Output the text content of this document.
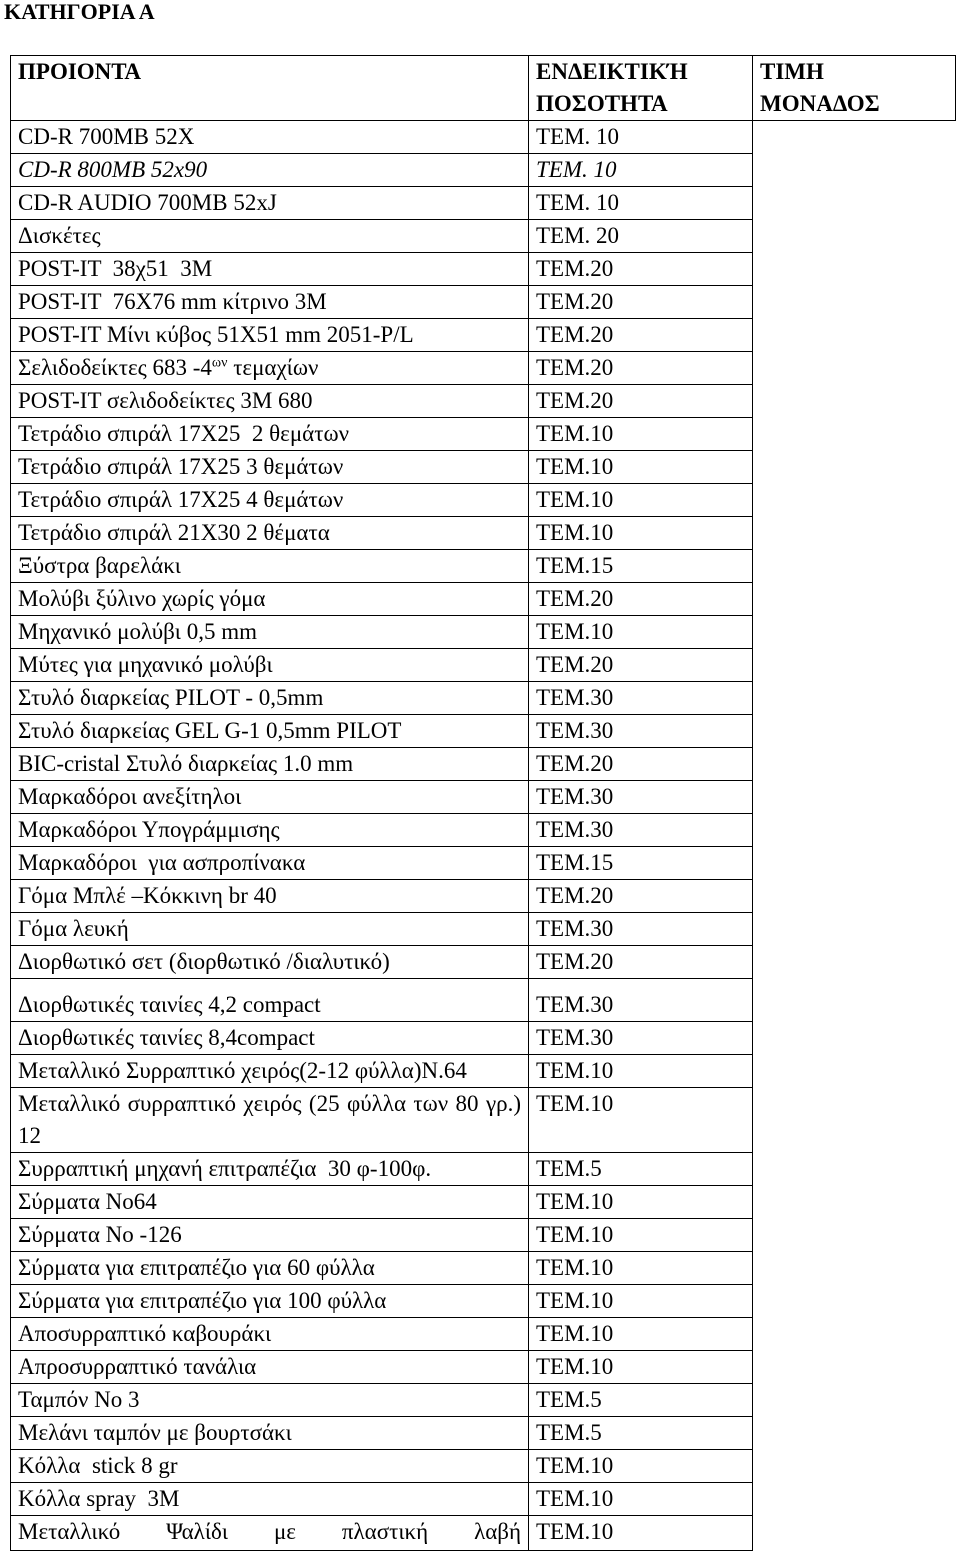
ΚΑΤΗΓΟΡΙΑ Α
ΠΡΟΙΟΝΤΑ	ΕΝΔΕΙΚΤΙΚΉ ΠΟΣΟΤΗΤΑ	ΤΙΜΗ ΜΟΝΑΔΟΣ
CD-R 700MB 52X	ΤΕΜ. 10	
CD-R 800MB 52x90	ΤΕΜ. 10	
CD-R AUDIO 700MB 52xJ	ΤΕΜ. 10	
Δισκέτες	ΤΕΜ. 20	
POST-IT  38χ51  3M	ΤΕΜ.20	
POST-IT  76X76 mm κίτρινο 3M	ΤΕΜ.20	
POST-IT Μίνι κύβος 51X51 mm 2051-P/L	ΤΕΜ.20	
Σελιδοδείκτες 683 $-4^{\omega\nu}$ τεμαχίων	ΤΕΜ.20	
POST-IT σελιδοδείκτες 3M 680	ΤΕΜ.20	
Τετράδιο σπιράλ 17X25  2 θεμάτων	ΤΕΜ.10	
Τετράδιο σπιράλ 17X25 3 θεμάτων	ΤΕΜ.10	
Τετράδιο σπιράλ 17X25 4 θεμάτων	ΤΕΜ.10	
Τετράδιο σπιράλ 21X30 2 θέματα	ΤΕΜ.10	
Ξύστρα βαρελάκι	ΤΕΜ.15	
Μολύβι ξύλινο χωρίς γόμα	ΤΕΜ.20	
Μηχανικό μολύβι 0,5 mm	ΤΕΜ.10	
Μύτες για μηχανικό μολύβι	ΤΕΜ.20	
Στυλό διαρκείας PILOT - 0,5mm	ΤΕΜ.30	
Στυλό διαρκείας GEL G-1 0,5mm PILOT	ΤΕΜ.30	
BIC-cristal Στυλό διαρκείας 1.0 mm	ΤΕΜ.20	
Μαρκαδόροι ανεξίτηλοι	ΤΕΜ.30	
Μαρκαδόροι Υπογράμμισης	ΤΕΜ.30	
Μαρκαδόροι  για ασπροπίνακα	ΤΕΜ.15	
Γόμα Μπλέ –Κόκκινη br 40	ΤΕΜ.20	
Γόμα λευκή	ΤΕΜ.30	
Διορθωτικό σετ (διορθωτικό /διαλυτικό)	ΤΕΜ.20	
Διορθωτικές ταινίες 4,2 compact	ΤΕΜ.30	
Διορθωτικές ταινίες 8,4compact	ΤΕΜ.30	
Μεταλλικό Συρραπτικό χειρός(2-12 φύλλα)Ν.64	ΤΕΜ.10	
Μεταλλικό συρραπτικό χειρός (25 φύλλα των 80 γρ.) 12	ΤΕΜ.10	
Συρραπτική μηχανή επιτραπέζια  30 φ-100φ.	ΤΕΜ.5	
Σύρματα Νο64	ΤΕΜ.10	
Σύρματα Νο -126	ΤΕΜ.10	
Σύρματα για επιτραπέζιο για 60 φύλλα	ΤΕΜ.10	
Σύρματα για επιτραπέζιο για 100 φύλλα	ΤΕΜ.10	
Αποσυρραπτικό καβουράκι	ΤΕΜ.10	
Απροσυρραπτικό τανάλια	ΤΕΜ.10	
Ταμπόν Νο 3	ΤΕΜ.5	
Μελάνι ταμπόν με βουρτσάκι	ΤΕΜ.5	
Κόλλα  stick 8 gr	ΤΕΜ.10	
Κόλλα spray  3M	ΤΕΜ.10	
Μεταλλικό Ψαλίδι με πλαστική λαβή	ΤΕΜ.10	
